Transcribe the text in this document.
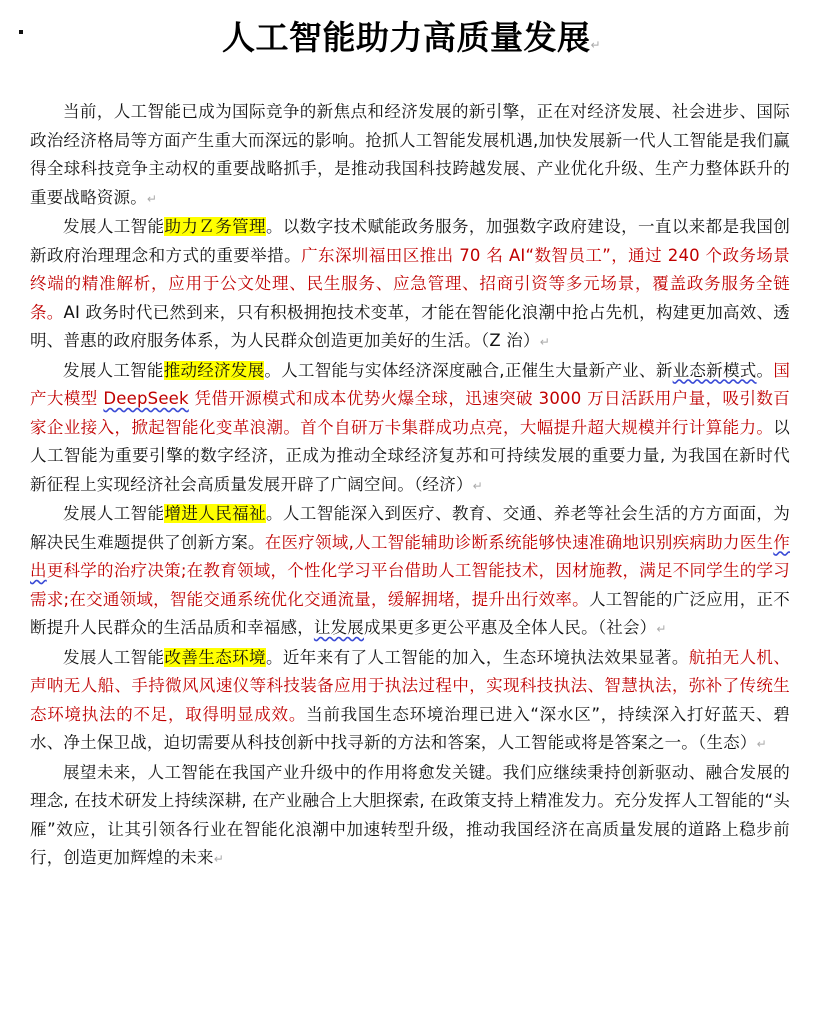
人工智能助力高质量发展↵

当前，人工智能已成为国际竞争的新焦点和经济发展的新引擎，正在对经济发展、社会进步、国际政治经济格局等方面产生重大而深远的影响。抢抓人工智能发展机遇,加快发展新一代人工智能是我们赢得全球科技竞争主动权的重要战略抓手，是推动我国科技跨越发展、产业优化升级、生产力整体跃升的重要战略资源。↵

发展人工智能助力Ｚ务管理。以数字技术赋能政务服务，加强数字政府建设，一直以来都是我国创新政府治理理念和方式的重要举措。广东深圳福田区推出 70 名 AI“数智员工”，通过 240 个政务场景终端的精准解析，应用于公文处理、民生服务、应急管理、招商引资等多元场景，覆盖政务服务全链条。AI 政务时代已然到来，只有积极拥抱技术变革，才能在智能化浪潮中抢占先机，构建更加高效、透明、普惠的政府服务体系，为人民群众创造更加美好的生活。（Z 治）↵

发展人工智能推动经济发展。人工智能与实体经济深度融合,正催生大量新产业、新业态新模式。国产大模型 DeepSeek 凭借开源模式和成本优势火爆全球，迅速突破 3000 万日活跃用户量，吸引数百家企业接入，掀起智能化变革浪潮。首个自研万卡集群成功点亮，大幅提升超大规模并行计算能力。以人工智能为重要引擎的数字经济，正成为推动全球经济复苏和可持续发展的重要力量, 为我国在新时代新征程上实现经济社会高质量发展开辟了广阔空间。（经济）↵

发展人工智能增进人民福祉。人工智能深入到医疗、教育、交通、养老等社会生活的方方面面，为解决民生难题提供了创新方案。在医疗领域,人工智能辅助诊断系统能够快速准确地识别疾病助力医生作出更科学的治疗决策;在教育领域，个性化学习平台借助人工智能技术，因材施教，满足不同学生的学习需求;在交通领域，智能交通系统优化交通流量，缓解拥堵，提升出行效率。人工智能的广泛应用，正不断提升人民群众的生活品质和幸福感，让发展成果更多更公平惠及全体人民。（社会）↵

发展人工智能改善生态环境。近年来有了人工智能的加入，生态环境执法效果显著。航拍无人机、声呐无人船、手持微风风速仪等科技装备应用于执法过程中，实现科技执法、智慧执法，弥补了传统生态环境执法的不足，取得明显成效。当前我国生态环境治理已进入“深水区”，持续深入打好蓝天、碧水、净土保卫战，迫切需要从科技创新中找寻新的方法和答案，人工智能或将是答案之一。（生态）↵

展望未来，人工智能在我国产业升级中的作用将愈发关键。我们应继续秉持创新驱动、融合发展的理念, 在技术研发上持续深耕, 在产业融合上大胆探索, 在政策支持上精准发力。充分发挥人工智能的“头雁”效应，让其引领各行业在智能化浪潮中加速转型升级，推动我国经济在高质量发展的道路上稳步前行，创造更加辉煌的未来↵
